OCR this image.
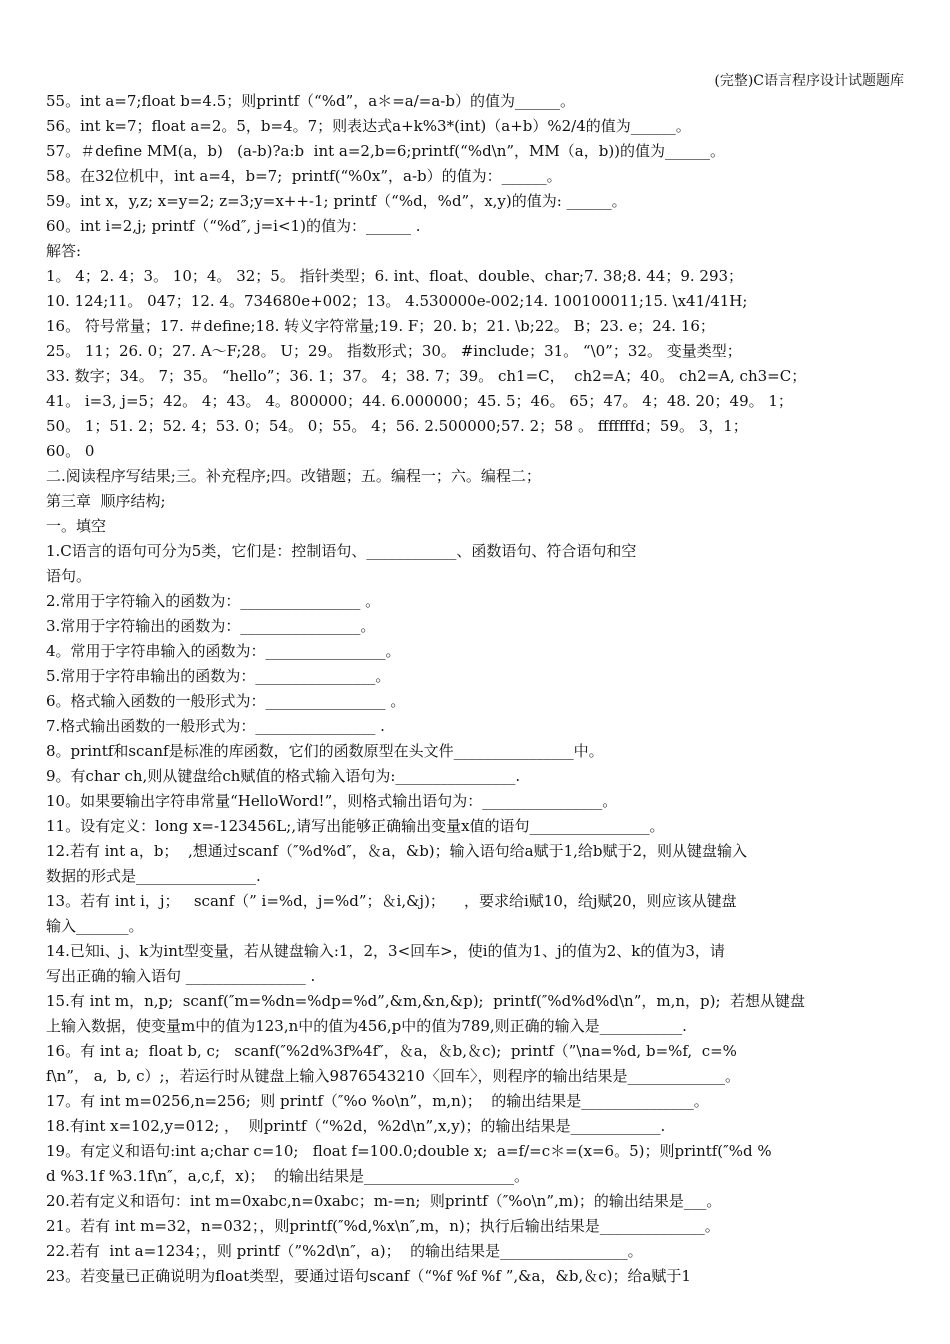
(完整)C语言程序设计试题题库
55。int a=7;float b=4.5；则printf（“%d”，a＊=a/=a-b）的值为______。
56。int k=7；float a=2。5，b=4。7；则表达式a+k%3*(int)（a+b）%2/4的值为______。
57。＃define MM(a，b)   (a-b)?a:b  int a=2,b=6;printf(“%d\n”，MM（a，b))的值为______。
58。在32位机中，int a=4，b=7;  printf(“%0x”，a-b）的值为：______。
59。int x，y,z; x=y=2; z=3;y=x++-1; printf（“%d，%d”，x,y)的值为: ______。
60。int i=2,j; printf（“%d″, j=i<1)的值为：______ .
解答:
1。 4；2. 4；3。 10；4。 32；5。 指针类型；6. int、float、double、char;7. 38;8. 44；9. 293；
10. 124;11。 047；12. 4。734680e+002；13。 4.530000e-002;14. 100100011;15. \x41/41H;
16。 符号常量；17. ＃define;18. 转义字符常量;19. F；20. b；21. \b;22。 B；23. e；24. 16；
25。 11；26. 0；27. A～F;28。 U；29。 指数形式；30。 #include；31。 “\0”；32。 变量类型；
33. 数字；34。 7；35。 “hello”；36. 1；37。 4；38. 7；39。 ch1=C，  ch2=A；40。 ch2=A, ch3=C；
41。 i=3, j=5；42。 4；43。 4。800000；44. 6.000000；45. 5；46。 65；47。 4；48. 20；49。 1；
50。 1；51. 2；52. 4；53. 0；54。 0；55。 4；56. 2.500000;57. 2；58 。 fffffffd；59。 3，1；
60。 0
二.阅读程序写结果;三。补充程序;四。改错题；五。编程一；六。编程二；
第三章  顺序结构;
一。填空
1.C语言的语句可分为5类，它们是：控制语句、____________、函数语句、符合语句和空
语句。
2.常用于字符输入的函数为：________________ 。
3.常用于字符输出的函数为：________________。
4。常用于字符串输入的函数为：________________。
5.常用于字符串输出的函数为：________________。
6。格式输入函数的一般形式为：________________ 。
7.格式输出函数的一般形式为：________________ .
8。printf和scanf是标准的库函数，它们的函数原型在头文件________________中。
9。有char ch,则从键盘给ch赋值的格式输入语句为:________________.
10。如果要输出字符串常量“HelloWord!”，则格式输出语句为：________________。
11。设有定义：long x=-123456L;,请写出能够正确输出变量x值的语句________________。
12.若有 int a，b；  ,想通过scanf（″%d%d″，＆a，&b)；输入语句给a赋于1,给b赋于2，则从键盘输入
数据的形式是________________.
13。若有 int i，j；   scanf（” i=%d，j=%d”；＆i,&j)；    ，要求给i赋10，给j赋20，则应该从键盘
输入_______。
14.已知i、j、k为int型变量，若从键盘输入:1，2，3<回车>，使i的值为1、j的值为2、k的值为3，请
写出正确的输入语句 ________________ .
15.有 int m，n,p;  scanf(″m=%dn=%dp=%d”,&m,&n,&p);  printf(″%d%d%d\n”，m,n，p);  若想从键盘
上输入数据，使变量m中的值为123,n中的值为456,p中的值为789,则正确的输入是___________.
16。有 int a;  float b, c;   scanf(″%2d%3f%4f″，＆a，＆b,＆c);  printf（”\na=%d, b=%f,  c=%
f\n”， a,  b, c）;，若运行时从键盘上输入9876543210〈回车〉，则程序的输出结果是_____________。
17。有 int m=0256,n=256;  则 printf（″%o %o\n”，m,n)；  的输出结果是_______________。
18.有int x=102,y=012; ，  则printf（“%2d，%2d\n”,x,y)；的输出结果是____________.
19。有定义和语句:int a;char c=10;   float f=100.0;double x;  a=f/=c＊=(x=6。5)；则printf(″%d %
d %3.1f %3.1f\n″，a,c,f，x)；  的输出结果是____________________。
20.若有定义和语句：int m=0xabc,n=0xabc；m-=n;  则printf（″%o\n”,m)；的输出结果是___。
21。若有 int m=32，n=032；，则printf(″%d,%x\n″,m，n)；执行后输出结果是______________。
22.若有  int a=1234；，则 printf（”%2d\n″，a)；  的输出结果是_________________。
23。若变量已正确说明为float类型，要通过语句scanf（“%f %f %f ”,&a，&b,＆c)；给a赋于1
